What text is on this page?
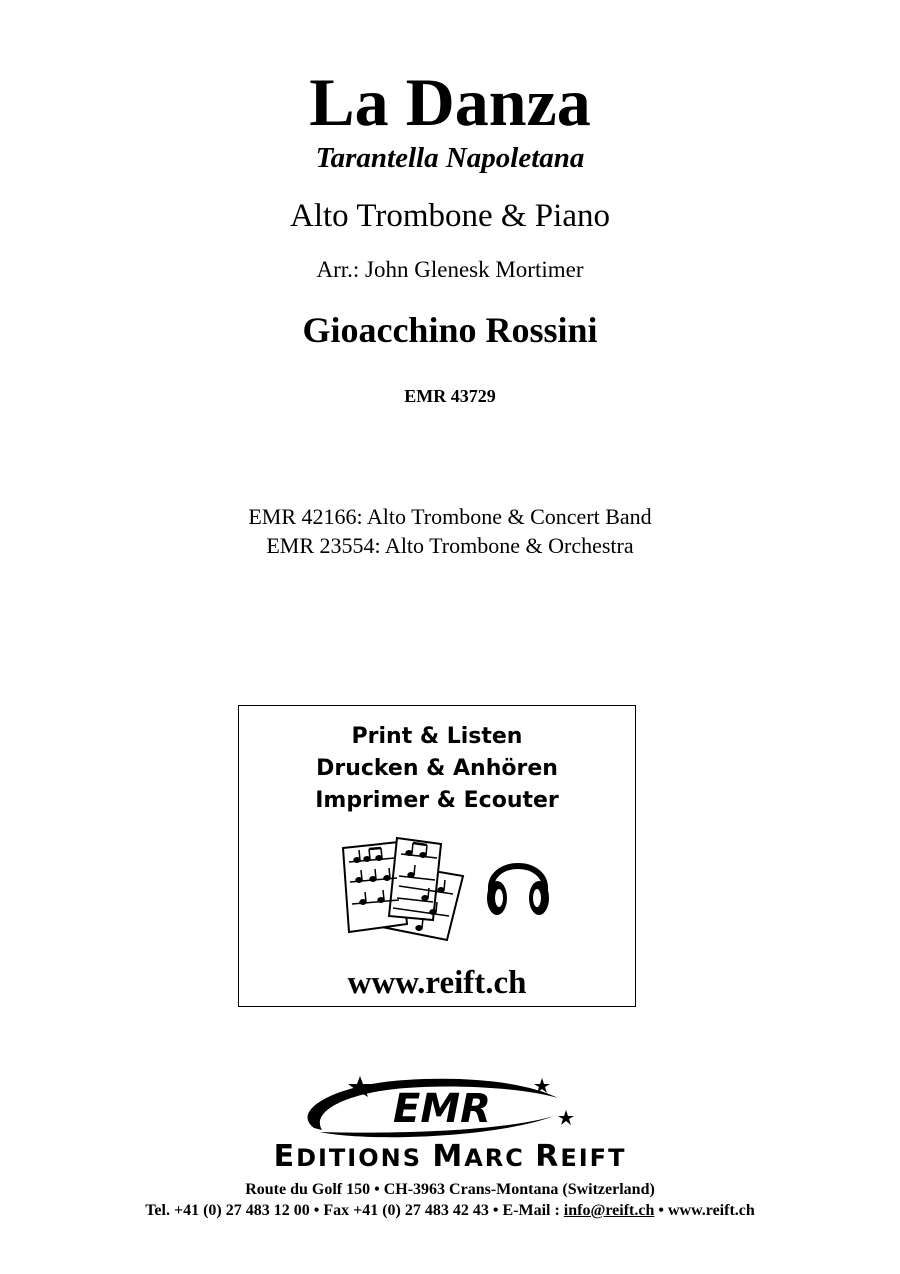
La Danza
Tarantella Napoletana
Alto Trombone & Piano
Arr.: John Glenesk Mortimer
Gioacchino Rossini
EMR 43729
EMR 42166: Alto Trombone & Concert Band
EMR 23554: Alto Trombone & Orchestra
Print & Listen
Drucken & Anhören
Imprimer & Ecouter
www.reift.ch
EMR
EDITIONS MARC REIFT
Route du Golf 150 • CH-3963 Crans-Montana (Switzerland)
Tel. +41 (0) 27 483 12 00 • Fax +41 (0) 27 483 42 43 • E-Mail : info@reift.ch • www.reift.ch
